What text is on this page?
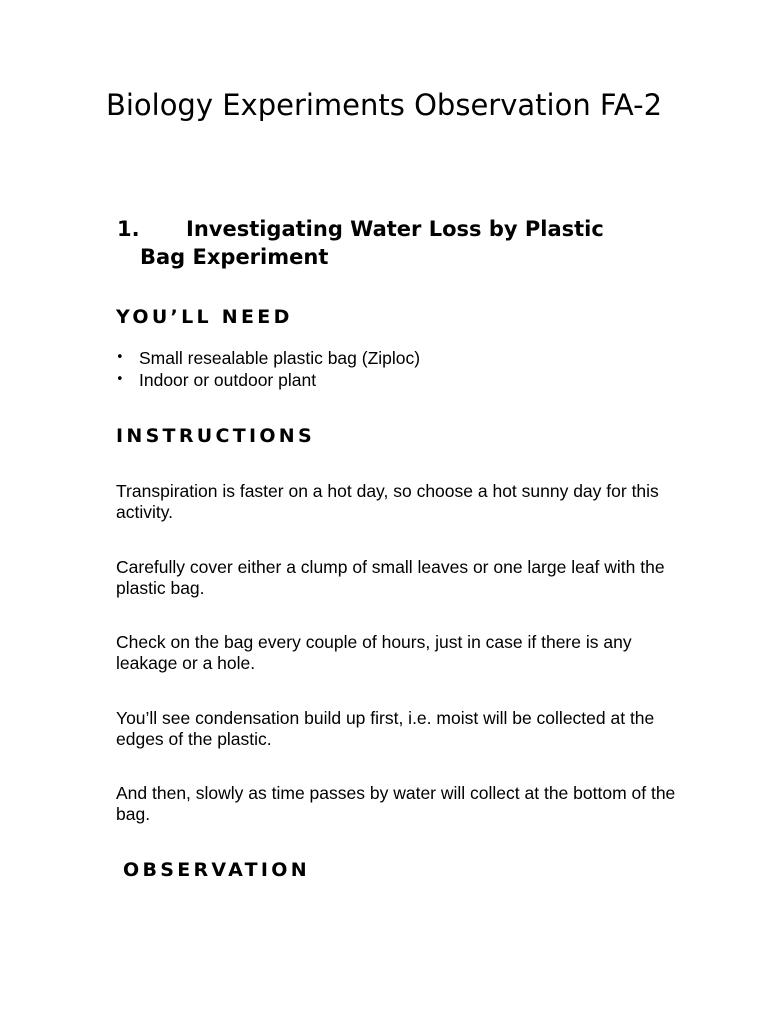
Biology Experiments Observation FA-2
1. Investigating Water Loss by Plastic
Bag Experiment
YOU’LL NEED
• Small resealable plastic bag (Ziploc)
• Indoor or outdoor plant
INSTRUCTIONS

Transpiration is faster on a hot day, so choose a hot sunny day for this activity.

Carefully cover either a clump of small leaves or one large leaf with the plastic bag.

Check on the bag every couple of hours, just in case if there is any leakage or a hole.

You’ll see condensation build up first, i.e. moist will be collected at the edges of the plastic.

And then, slowly as time passes by water will collect at the bottom of the bag.

OBSERVATION
